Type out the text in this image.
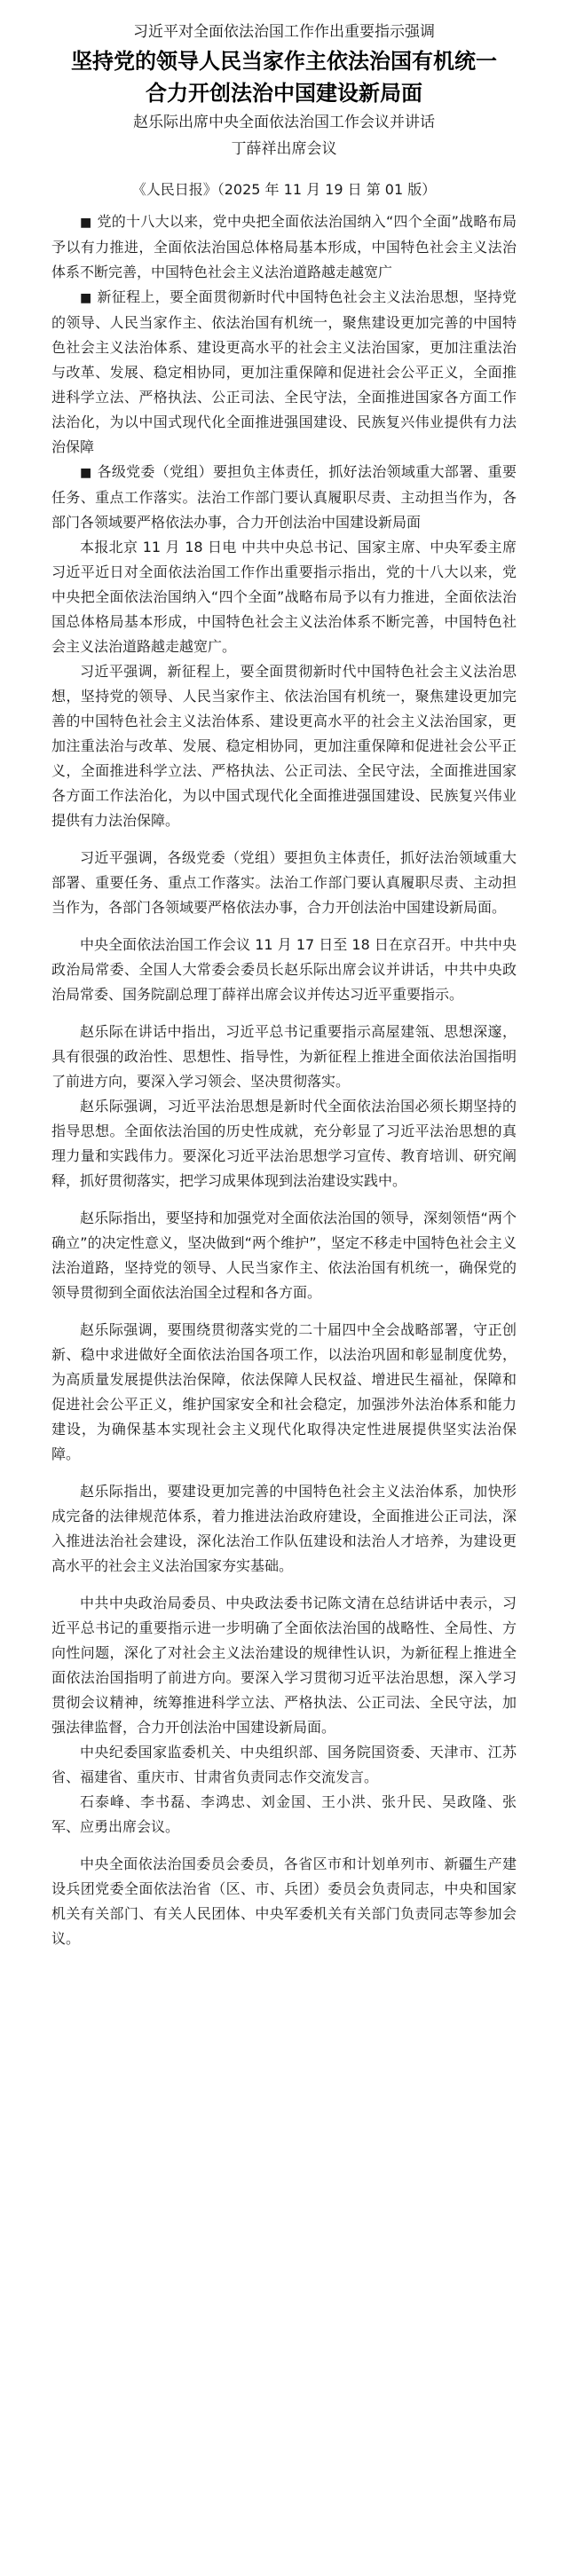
习近平对全面依法治国工作作出重要指示强调

坚持党的领导人民当家作主依法治国有机统一

合力开创法治中国建设新局面

赵乐际出席中央全面依法治国工作会议并讲话

丁薛祥出席会议

《人民日报》（2025 年 11 月 19 日 第 01 版）

■ 党的十八大以来，党中央把全面依法治国纳入“四个全面”战略布局予以有力推进，全面依法治国总体格局基本形成，中国特色社会主义法治体系不断完善，中国特色社会主义法治道路越走越宽广

■ 新征程上，要全面贯彻新时代中国特色社会主义法治思想，坚持党的领导、人民当家作主、依法治国有机统一，聚焦建设更加完善的中国特色社会主义法治体系、建设更高水平的社会主义法治国家，更加注重法治与改革、发展、稳定相协同，更加注重保障和促进社会公平正义，全面推进科学立法、严格执法、公正司法、全民守法，全面推进国家各方面工作法治化，为以中国式现代化全面推进强国建设、民族复兴伟业提供有力法治保障

■ 各级党委（党组）要担负主体责任，抓好法治领域重大部署、重要任务、重点工作落实。法治工作部门要认真履职尽责、主动担当作为，各部门各领域要严格依法办事，合力开创法治中国建设新局面

本报北京 11 月 18 日电 中共中央总书记、国家主席、中央军委主席习近平近日对全面依法治国工作作出重要指示指出，党的十八大以来，党中央把全面依法治国纳入“四个全面”战略布局予以有力推进，全面依法治国总体格局基本形成，中国特色社会主义法治体系不断完善，中国特色社会主义法治道路越走越宽广。

习近平强调，新征程上，要全面贯彻新时代中国特色社会主义法治思想，坚持党的领导、人民当家作主、依法治国有机统一，聚焦建设更加完善的中国特色社会主义法治体系、建设更高水平的社会主义法治国家，更加注重法治与改革、发展、稳定相协同，更加注重保障和促进社会公平正义，全面推进科学立法、严格执法、公正司法、全民守法，全面推进国家各方面工作法治化，为以中国式现代化全面推进强国建设、民族复兴伟业提供有力法治保障。

习近平强调，各级党委（党组）要担负主体责任，抓好法治领域重大部署、重要任务、重点工作落实。法治工作部门要认真履职尽责、主动担当作为，各部门各领域要严格依法办事，合力开创法治中国建设新局面。

中央全面依法治国工作会议 11 月 17 日至 18 日在京召开。中共中央政治局常委、全国人大常委会委员长赵乐际出席会议并讲话，中共中央政治局常委、国务院副总理丁薛祥出席会议并传达习近平重要指示。

赵乐际在讲话中指出，习近平总书记重要指示高屋建瓴、思想深邃，具有很强的政治性、思想性、指导性，为新征程上推进全面依法治国指明了前进方向，要深入学习领会、坚决贯彻落实。

赵乐际强调，习近平法治思想是新时代全面依法治国必须长期坚持的指导思想。全面依法治国的历史性成就，充分彰显了习近平法治思想的真理力量和实践伟力。要深化习近平法治思想学习宣传、教育培训、研究阐释，抓好贯彻落实，把学习成果体现到法治建设实践中。

赵乐际指出，要坚持和加强党对全面依法治国的领导，深刻领悟“两个确立”的决定性意义，坚决做到“两个维护”，坚定不移走中国特色社会主义法治道路，坚持党的领导、人民当家作主、依法治国有机统一，确保党的领导贯彻到全面依法治国全过程和各方面。

赵乐际强调，要围绕贯彻落实党的二十届四中全会战略部署，守正创新、稳中求进做好全面依法治国各项工作，以法治巩固和彰显制度优势，为高质量发展提供法治保障，依法保障人民权益、增进民生福祉，保障和促进社会公平正义，维护国家安全和社会稳定，加强涉外法治体系和能力建设，为确保基本实现社会主义现代化取得决定性进展提供坚实法治保障。

赵乐际指出，要建设更加完善的中国特色社会主义法治体系，加快形成完备的法律规范体系，着力推进法治政府建设，全面推进公正司法，深入推进法治社会建设，深化法治工作队伍建设和法治人才培养，为建设更高水平的社会主义法治国家夯实基础。

中共中央政治局委员、中央政法委书记陈文清在总结讲话中表示，习近平总书记的重要指示进一步明确了全面依法治国的战略性、全局性、方向性问题，深化了对社会主义法治建设的规律性认识，为新征程上推进全面依法治国指明了前进方向。要深入学习贯彻习近平法治思想，深入学习贯彻会议精神，统筹推进科学立法、严格执法、公正司法、全民守法，加强法律监督，合力开创法治中国建设新局面。

中央纪委国家监委机关、中央组织部、国务院国资委、天津市、江苏省、福建省、重庆市、甘肃省负责同志作交流发言。

石泰峰、李书磊、李鸿忠、刘金国、王小洪、张升民、吴政隆、张军、应勇出席会议。

中央全面依法治国委员会委员，各省区市和计划单列市、新疆生产建设兵团党委全面依法治省（区、市、兵团）委员会负责同志，中央和国家机关有关部门、有关人民团体、中央军委机关有关部门负责同志等参加会议。
